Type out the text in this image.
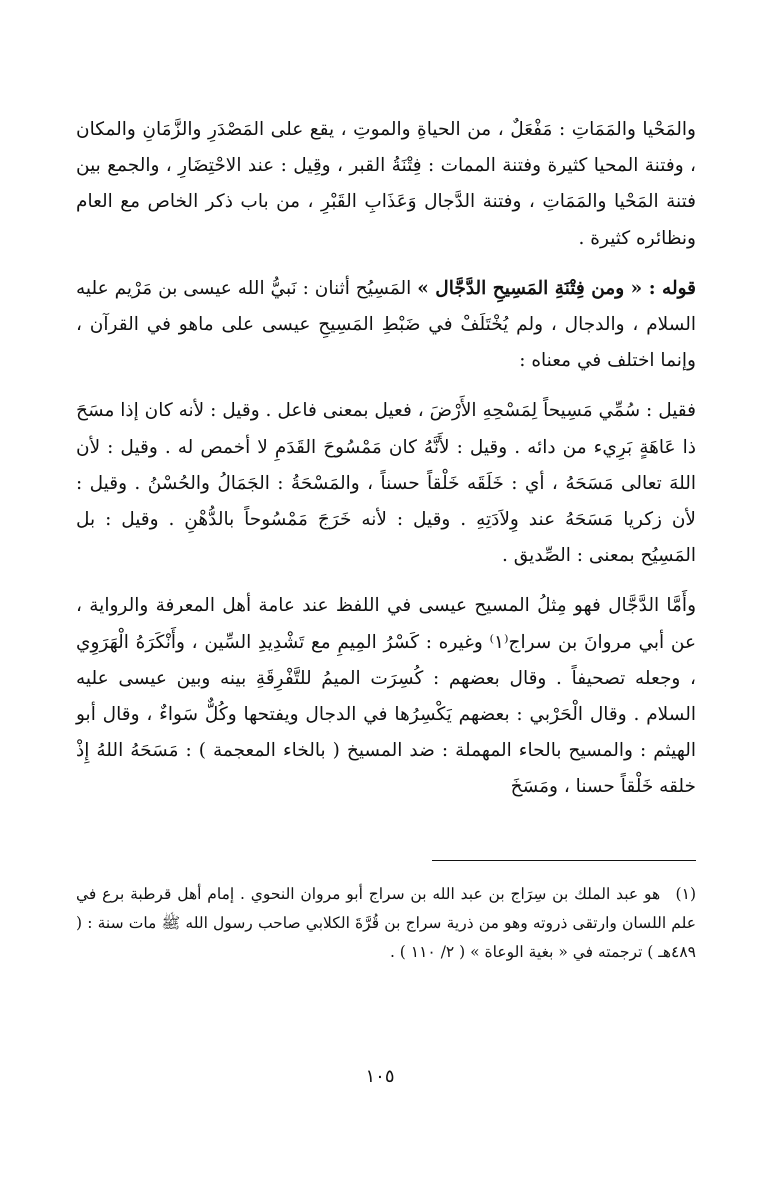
والمَحْيا والمَمَاتِ : مَفْعَلٌ ، من الحياةِ والموتِ ، يقع على المَصْدَرِ والزَّمَانِ والمكان ، وفتنة المحيا كثيرة وفتنة الممات : فِتْنَةُ القبر ، وقِيل : عند الاحْتِضَارِ ، والجمع بين فتنة المَحْيا والمَمَاتِ ، وفتنة الدَّجال وَعَذَابِ القَبْرِ ، من باب ذكر الخاص مع العام ونظائره كثيرة .

قوله : « ومن فِتْنَةِ المَسِيحِ الدَّجَّال » المَسِيُح أثنان : نَبيُّ الله عيسى بن مَرْيم عليه السلام ، والدجال ، ولم يُخْتَلَفْ في ضَبْطِ المَسِيحِ عيسى على ماهو في القرآن ، وإنما اختلف في معناه :

فقيل : سُمِّي مَسِيحاً لِمَسْحِهِ الأَرْضَ ، فعيل بمعنى فاعل . وقيل : لأنه كان إذا مسَحَ ذا عَاهَةٍ بَرِيء من دائه . وقيل : لأَنَّهُ كان مَمْسُوحَ القَدَمِ لا أخمص له . وقيل : لأن اللهَ تعالى مَسَحَهُ ، أي : خَلَقَه خَلْقاً حسناً ، والمَسْحَةُ : الجَمَالُ والحُسْنُ . وقيل : لأن زكريا مَسَحَهُ عند وِلاَدَتِهِ . وقيل : لأنه خَرَجَ مَمْسُوحاً بالدُّهْنِ . وقيل : بل المَسِيُح بمعنى : الصِّديق .

وأَمَّا الدَّجَّال فهو مِثلُ المسيح عيسى في اللفظ عند عامة أهل المعرفة والرواية ، عن أبي مروانَ بن سراج⁽١⁾ وغيره : كَسْرُ المِيمِ مع تَشْدِيدِ السِّين ، وأَنْكَرَهُ الْهَرَوِي ، وجعله تصحيفاً . وقال بعضهم : كُسِرَت الميمُ للتَّفْرِقَةِ بينه وبين عيسى عليه السلام . وقال الْحَرْبي : بعضهم يَكْسِرُها في الدجال ويفتحها وكُلٌّ سَواءٌ ، وقال أبو الهيثم : والمسيح بالحاء المهملة : ضد المسيخ ( بالخاء المعجمة ) : مَسَحَهُ اللهُ إِذْ خلقه خَلْقاً حسنا ، ومَسَخَ

(١) هو عبد الملك بن سِرَاج بن عبد الله بن سراج أبو مروان النحوي . إمام أهل قرطبة برع في علم اللسان وارتقى ذروته وهو من ذرية سراج بن قُرَّةَ الكلابي صاحب رسول الله ﷺ مات سنة : ( ٤٨٩هـ ) ترجمته في « بغية الوعاة » ( ٢/ ١١٠ ) .
١٠٥
